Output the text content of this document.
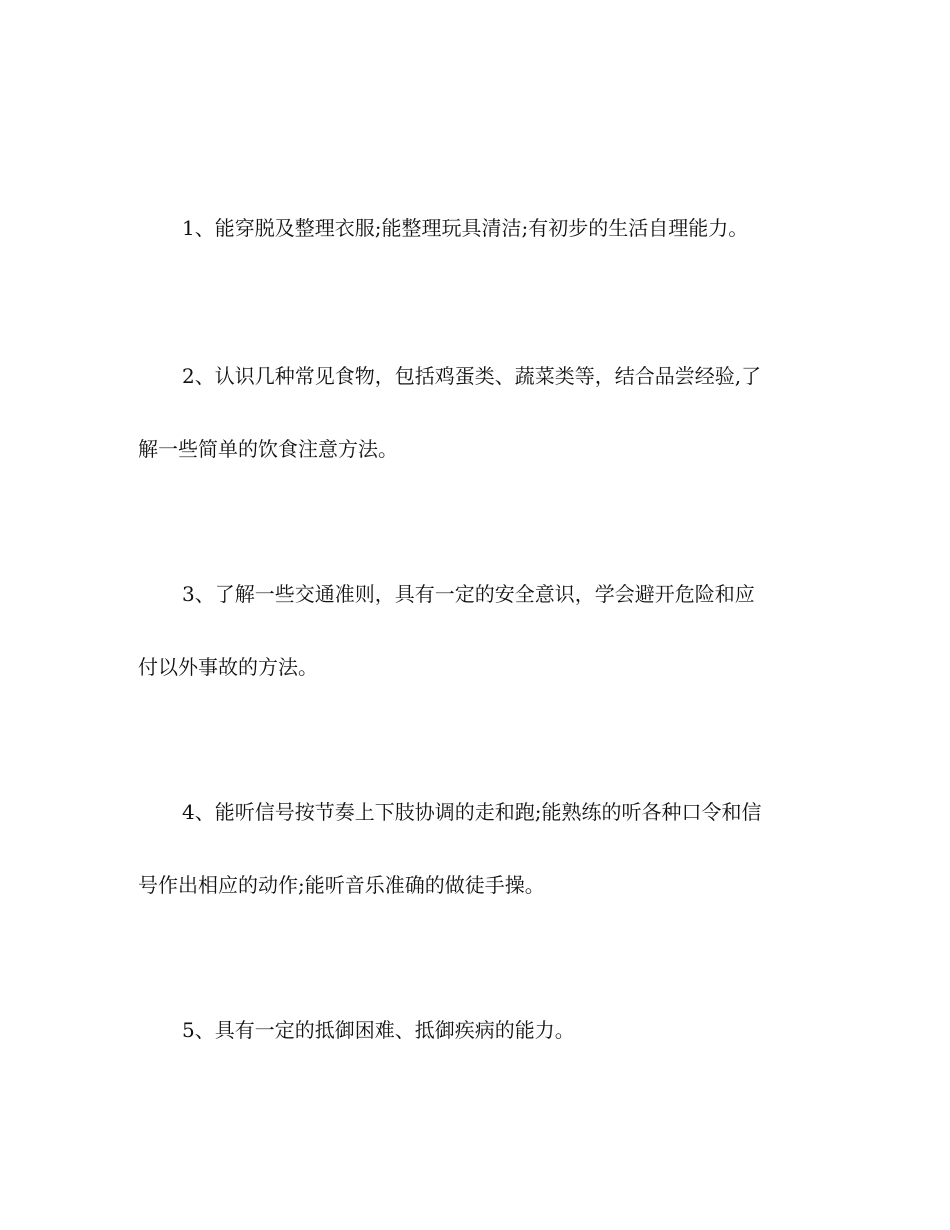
1、能穿脱及整理衣服;能整理玩具清洁;有初步的生活自理能力。
2、认识几种常见食物，包括鸡蛋类、蔬菜类等，结合品尝经验,了
解一些简单的饮食注意方法。
3、了解一些交通准则，具有一定的安全意识，学会避开危险和应
付以外事故的方法。
4、能听信号按节奏上下肢协调的走和跑;能熟练的听各种口令和信
号作出相应的动作;能听音乐准确的做徒手操。
5、具有一定的抵御困难、抵御疾病的能力。
